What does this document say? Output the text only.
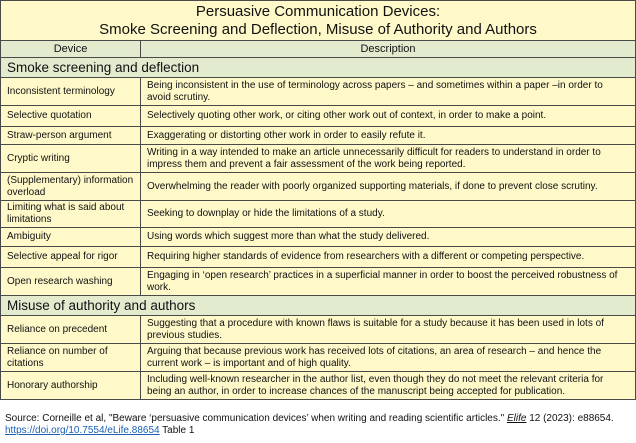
Persuasive Communication Devices:
Smoke Screening and Deflection, Misuse of Authority and Authors	

Device	Description
Smoke screening and deflection	
Inconsistent terminology	Being inconsistent in the use of terminology across papers – and sometimes within a paper –in order to avoid scrutiny.
Selective quotation	Selectively quoting other work, or citing other work out of context, in order to make a point.
Straw-person argument	Exaggerating or distorting other work in order to easily refute it.
Cryptic writing	Writing in a way intended to make an article unnecessarily difficult for readers to understand in order to impress them and prevent a fair assessment of the work being reported.
(Supplementary) information overload	Overwhelming the reader with poorly organized supporting materials, if done to prevent close scrutiny.
Limiting what is said about limitations	Seeking to downplay or hide the limitations of a study.
Ambiguity	Using words which suggest more than what the study delivered.
Selective appeal for rigor	Requiring higher standards of evidence from researchers with a different or competing perspective.
Open research washing	Engaging in ‘open research’ practices in a superficial manner in order to boost the perceived robustness of work.
Misuse of authority and authors	
Reliance on precedent	Suggesting that a procedure with known flaws is suitable for a study because it has been used in lots of previous studies.
Reliance on number of citations	Arguing that because previous work has received lots of citations, an area of research – and hence the current work – is important and of high quality.
Honorary authorship	Including well-known researcher in the author list, even though they do not meet the relevant criteria for being an author, in order to increase chances of the manuscript being accepted for publication.
Source: Corneille et al, "Beware ‘persuasive communication devices’ when writing and reading scientific articles." Elife 12 (2023): e88654. https://doi.org/10.7554/eLife.88654 Table 1
